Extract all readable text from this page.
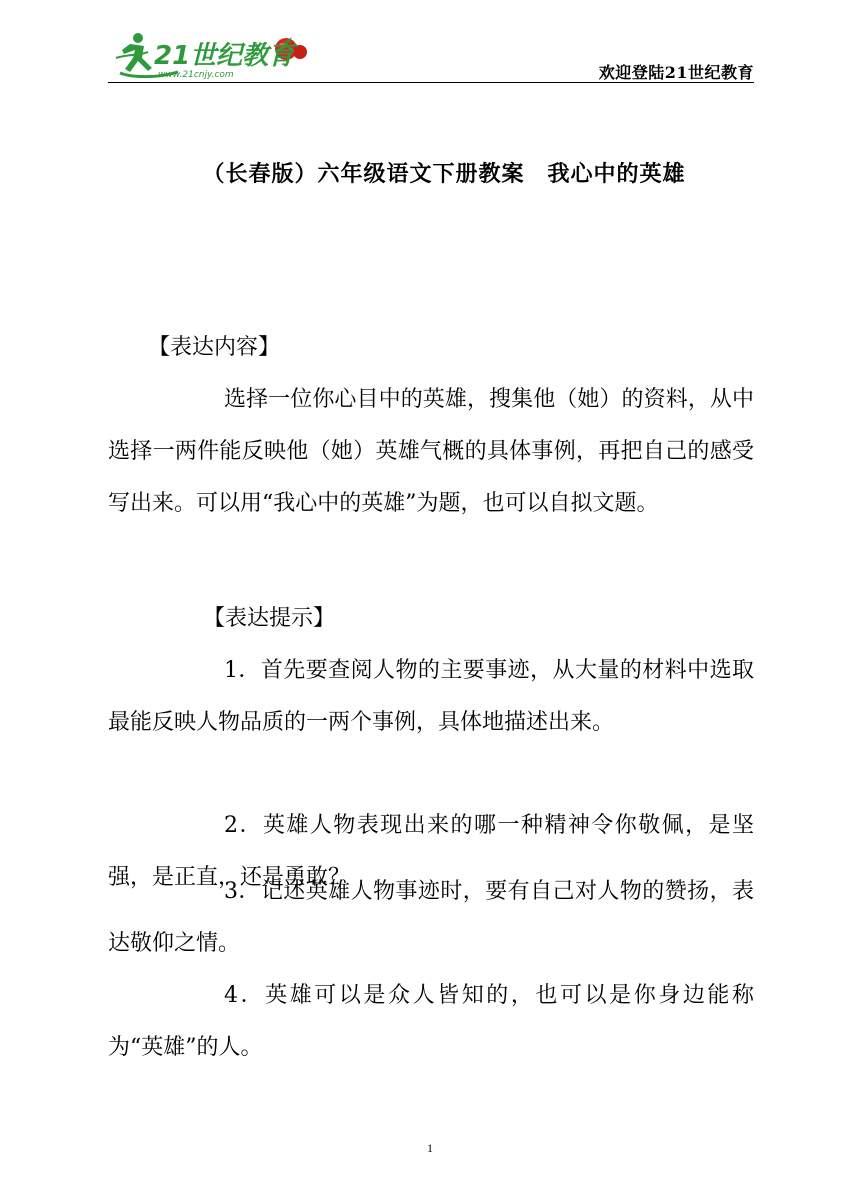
21世纪教育
www.21cnjy.com	欢迎登陆21世纪教育
（长春版）六年级语文下册教案　我心中的英雄
【表达内容】
选择一位你心目中的英雄，搜集他（她）的资料，从中选择一两件能反映他（她）英雄气概的具体事例，再把自己的感受写出来。可以用“我心中的英雄”为题，也可以自拟文题。
【表达提示】
1．首先要查阅人物的主要事迹，从大量的材料中选取最能反映人物品质的一两个事例，具体地描述出来。
2．英雄人物表现出来的哪一种精神令你敬佩，是坚强，是正直，还是勇敢？
3．记述英雄人物事迹时，要有自己对人物的赞扬，表达敬仰之情。
4．英雄可以是众人皆知的，也可以是你身边能称为“英雄”的人。
1
